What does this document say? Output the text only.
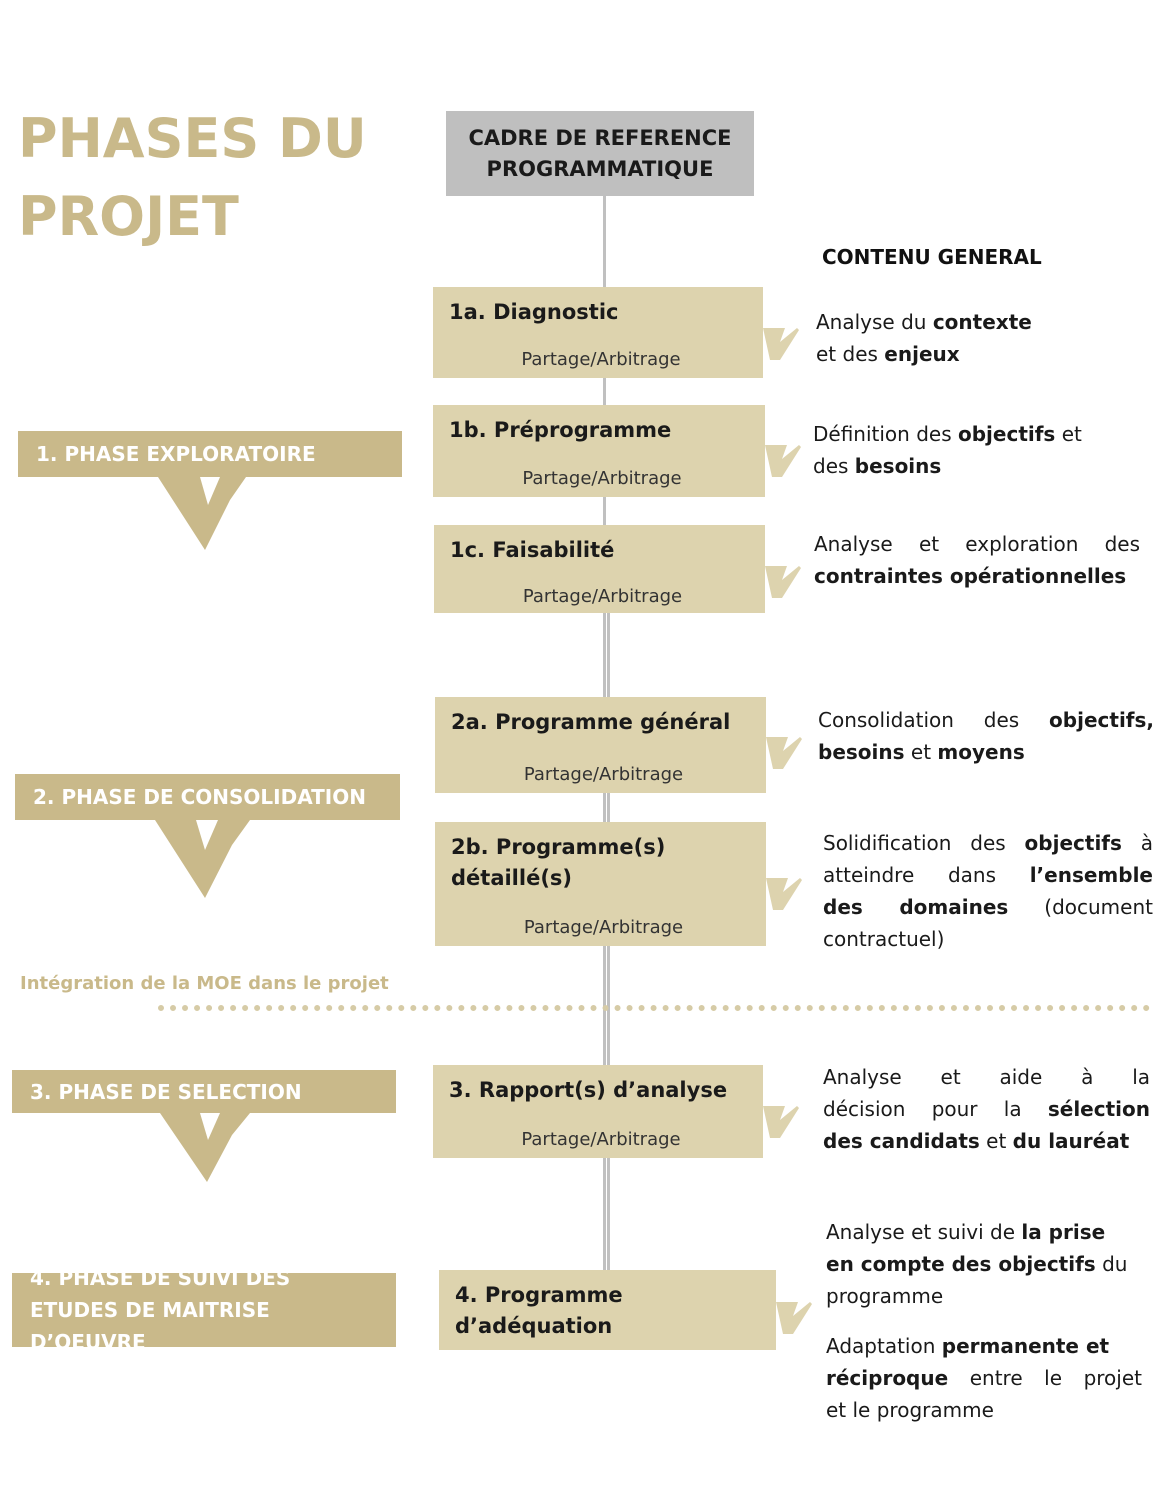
PHASES DU PROJET
CADRE DE REFERENCE PROGRAMMATIQUE
CONTENU GENERAL
1a. Diagnostic
Partage/Arbitrage
1b. Préprogramme
Partage/Arbitrage
1c. Faisabilité
Partage/Arbitrage
2a. Programme général
Partage/Arbitrage
2b. Programme(s) détaillé(s)
Partage/Arbitrage
3. Rapport(s) d’analyse
Partage/Arbitrage
4. Programme d’adéquation
1. PHASE EXPLORATOIRE
2. PHASE DE CONSOLIDATION
3. PHASE DE SELECTION
4. PHASE DE SUIVI DES ETUDES DE MAITRISE D’OEUVRE
Intégration de la MOE dans le projet
Analyse du contexte
et des enjeux
Définition des objectifs et
des besoins
Analyse et exploration des
contraintes opérationnelles
Consolidation des objectifs,
besoins et moyens
Solidification des objectifs à
atteindre dans l’ensemble
des domaines (document
contractuel)
Analyse et aide à la
décision pour la sélection
des candidats et du lauréat
Analyse et suivi de la prise
en compte des objectifs du
programme
Adaptation permanente et
réciproque entre le projet
et le programme
